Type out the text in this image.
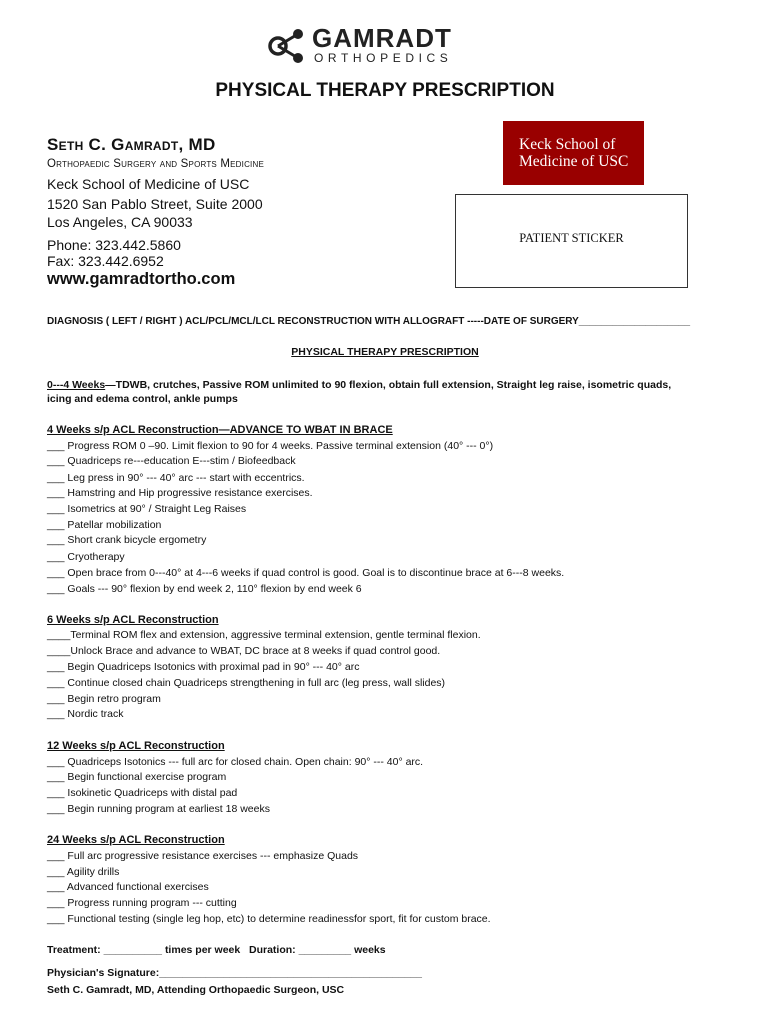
GAMRADT
ORTHOPEDICS
PHYSICAL THERAPY PRESCRIPTION
Seth C. Gamradt, MD
Orthopaedic Surgery and Sports Medicine
Keck School of Medicine of USC
1520 San Pablo Street, Suite 2000
Los Angeles, CA 90033
Phone: 323.442.5860
Fax: 323.442.6952
www.gamradtortho.com
Keck School of
Medicine of USC
PATIENT STICKER
DIAGNOSIS ( LEFT / RIGHT ) ACL/PCL/MCL/LCL RECONSTRUCTION WITH ALLOGRAFT ‐‐‐‐‐DATE OF SURGERY____________________
PHYSICAL THERAPY PRESCRIPTION
0‐‐‐4 Weeks—TDWB, crutches, Passive ROM unlimited to 90 flexion, obtain full extension, Straight leg raise, isometric quads,
icing and edema control, ankle pumps
4 Weeks s/p ACL Reconstruction—ADVANCE TO WBAT IN BRACE
___ Progress ROM 0 –90. Limit flexion to 90 for 4 weeks. Passive terminal extension (40° ‐‐‐ 0°)
___ Quadriceps re‐‐‐education E‐‐‐stim / Biofeedback
___ Leg press in 90° ‐‐‐ 40° arc ‐‐‐ start with eccentrics.
___ Hamstring and Hip progressive resistance exercises.
___ Isometrics at 90° / Straight Leg Raises
___ Patellar mobilization
___ Short crank bicycle ergometry
___ Cryotherapy
___ Open brace from 0‐‐‐40° at 4‐‐‐6 weeks if quad control is good. Goal is to discontinue brace at 6‐‐‐8 weeks.
___ Goals ‐‐‐ 90° flexion by end week 2, 110° flexion by end week 6
6 Weeks s/p ACL Reconstruction
____Terminal ROM flex and extension, aggressive terminal extension, gentle terminal flexion.
____Unlock Brace and advance to WBAT, DC brace at 8 weeks if quad control good.
___ Begin Quadriceps Isotonics with proximal pad in 90° ‐‐‐ 40° arc
___ Continue closed chain Quadriceps strengthening in full arc (leg press, wall slides)
___ Begin retro program
___ Nordic track
12 Weeks s/p ACL Reconstruction
___ Quadriceps Isotonics ‐‐‐ full arc for closed chain. Open chain: 90° ‐‐‐ 40° arc.
___ Begin functional exercise program
___ Isokinetic Quadriceps with distal pad
___ Begin running program at earliest 18 weeks
24 Weeks s/p ACL Reconstruction
___ Full arc progressive resistance exercises ‐‐‐ emphasize Quads
___ Agility drills
___ Advanced functional exercises
___ Progress running program ‐‐‐ cutting
___ Functional testing (single leg hop, etc) to determine readinessfor sport, fit for custom brace.
Treatment: __________ times per week Duration: _________ weeks
Physician's Signature:_____________________________________________
Seth C. Gamradt, MD, Attending Orthopaedic Surgeon, USC
